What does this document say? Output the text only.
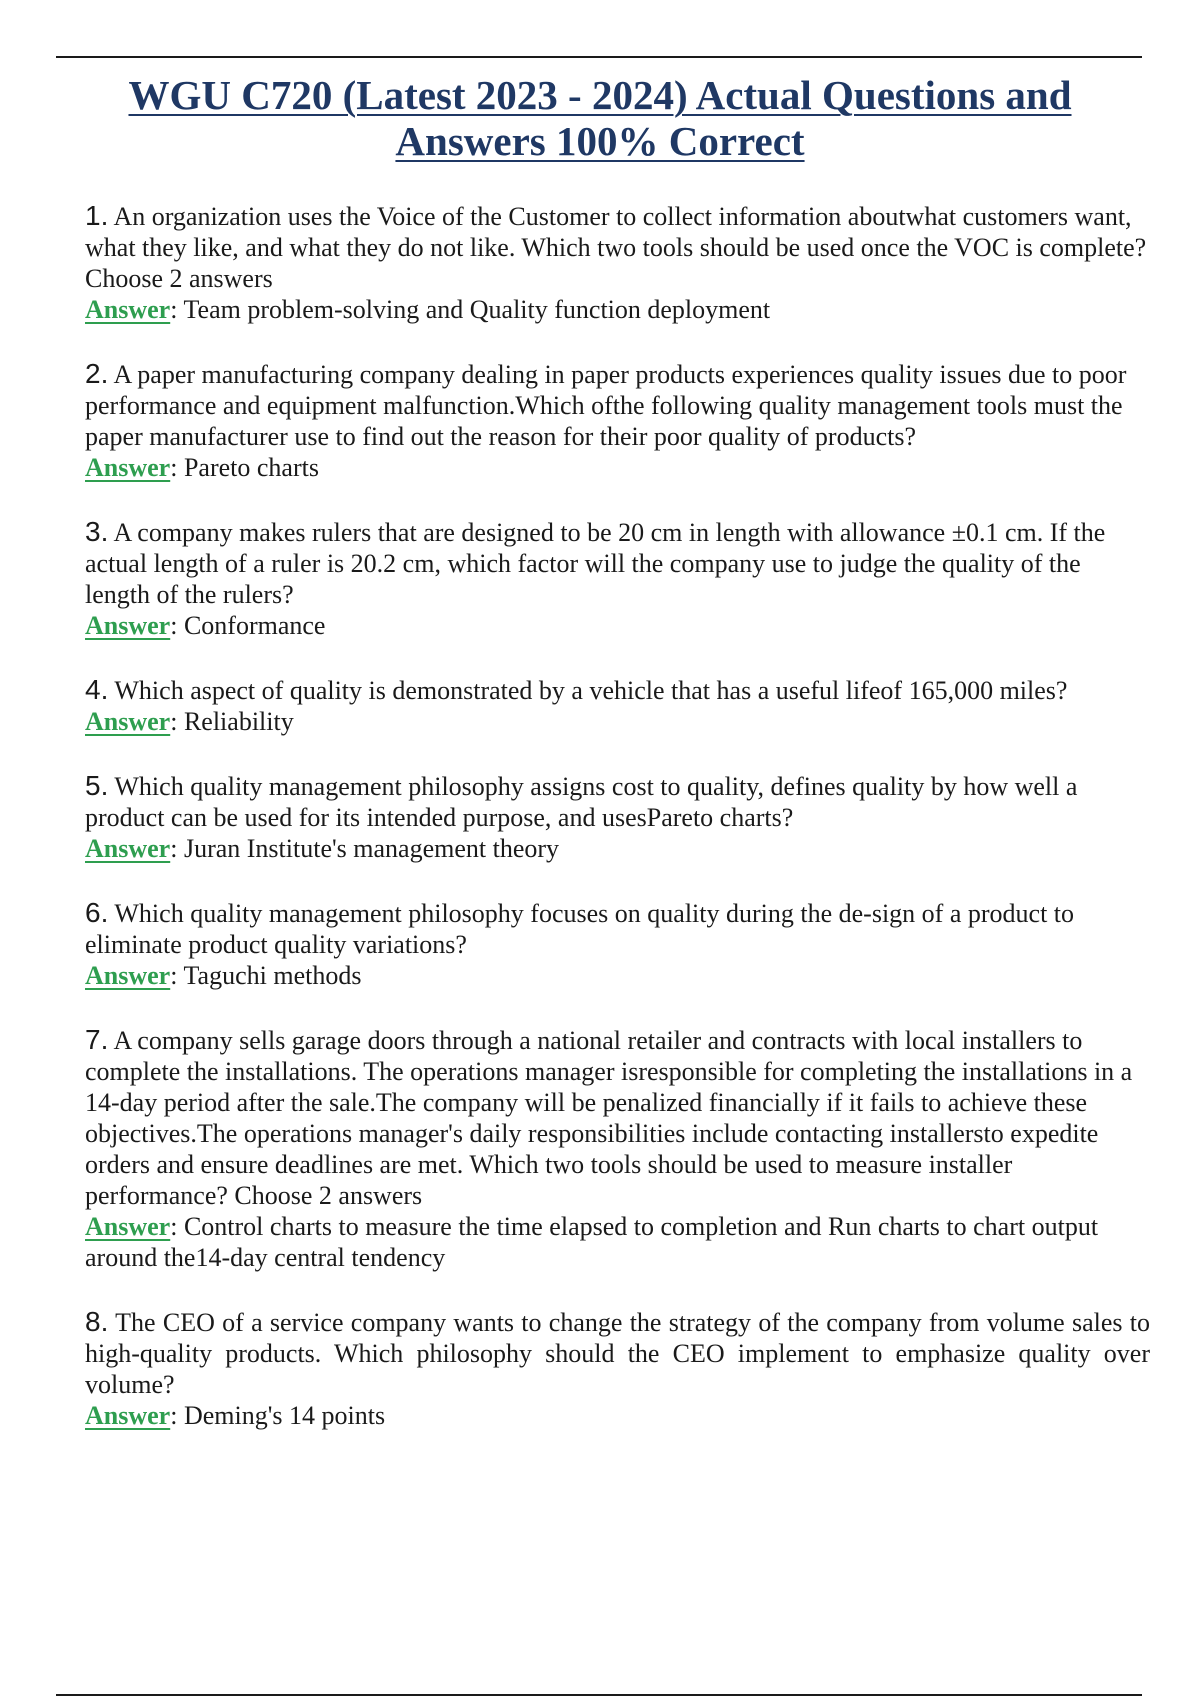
WGU C720 (Latest 2023 - 2024) Actual Questions and
Answers 100% Correct

1. An organization uses the Voice of the Customer to collect information aboutwhat customers want, what they like, and what they do not like. Which two tools should be used once the VOC is complete? Choose 2 answers

Answer: Team problem-solving and Quality function deployment

2. A paper manufacturing company dealing in paper products experiences quality issues due to poor performance and equipment malfunction.Which ofthe following quality management tools must the paper manufacturer use to find out the reason for their poor quality of products?

Answer: Pareto charts

3. A company makes rulers that are designed to be 20 cm in length with allowance ±0.1 cm. If the actual length of a ruler is 20.2 cm, which factor will the company use to judge the quality of the length of the rulers?

Answer: Conformance

4. Which aspect of quality is demonstrated by a vehicle that has a useful lifeof 165,000 miles?

Answer: Reliability

5. Which quality management philosophy assigns cost to quality, defines quality by how well a product can be used for its intended purpose, and usesPareto charts?

Answer: Juran Institute's management theory

6. Which quality management philosophy focuses on quality during the de-sign of a product to eliminate product quality variations?

Answer: Taguchi methods

7. A company sells garage doors through a national retailer and contracts with local installers to complete the installations. The operations manager isresponsible for completing the installations in a 14-day period after the sale.The company will be penalized financially if it fails to achieve these objectives.The operations manager's daily responsibilities include contacting installersto expedite orders and ensure deadlines are met. Which two tools should be used to measure installer performance? Choose 2 answers

Answer: Control charts to measure the time elapsed to completion and Run charts to chart output around the14-day central tendency

8. The CEO of a service company wants to change the strategy of the company from volume sales to high-quality products. Which philosophy should the CEO implement to emphasize quality over volume?

Answer: Deming's 14 points
